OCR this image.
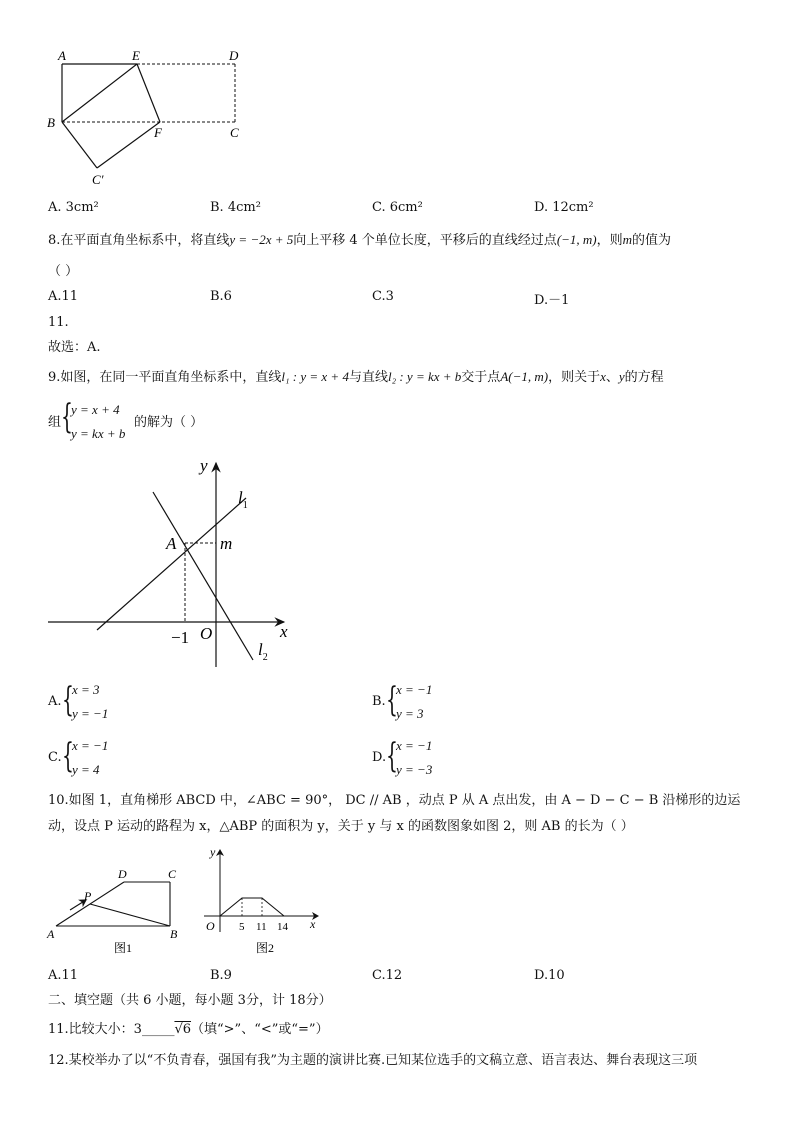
A	E	D
B
F	C
C′
A. 3cm²	B. 4cm²	C. 6cm²	D. 12cm²
8.在平面直角坐标系中，将直线y = −2x + 5向上平移 4 个单位长度，平移后的直线经过点(−1, m)，则m的值为
（ ）
A.11	B.6	C.3	D.－1
11.
故选：A.
9.如图，在同一平面直角坐标系中，直线l₁ : y = x + 4与直线l₂ : y = kx + b交于点A(−1, m)，则关于x、y的方程
组 {
y = x + 4
y = kx + b
的解为（ ）
y
x
$l_1$
$l_2$
A	m
O
−1
A. {
x = 3
y = −1
B. {
x = −1
y = 3
C. {
x = −1
y = 4
D. {
x = −1
y = −3
10.如图 1，直角梯形 ABCD 中，∠ABC = 90°， DC // AB ，动点 P 从 A 点出发，由 A − D − C − B 沿梯形的边运
动，设点 P 运动的路程为 x，△ABP 的面积为 y，关于 y 与 x 的函数图象如图 2，则 AB 的长为（ ）
D	C
P
A	B
图1
y
x
O 5 11 14
图2
A.11	B.9	C.12	D.10
二、填空题（共 6 小题，每小题 3分，计 18分）
11.比较大小：3_____√6（填“>”、“<”或“=”）
12.某校举办了以“不负青春，强国有我”为主题的演讲比赛.已知某位选手的文稿立意、语言表达、舞台表现这三项
